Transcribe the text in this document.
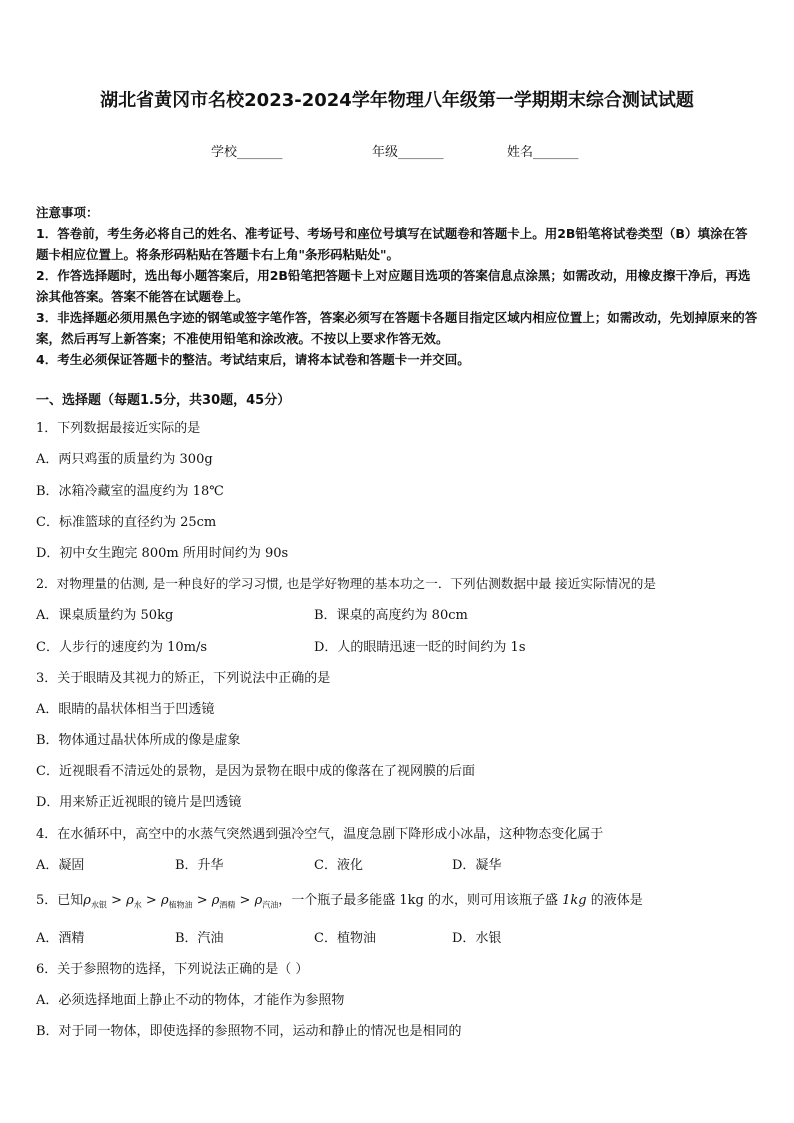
湖北省黄冈市名校2023-2024学年物理八年级第一学期期末综合测试试题
学校_______	年级_______	姓名_______
注意事项：
1．答卷前，考生务必将自己的姓名、准考证号、考场号和座位号填写在试题卷和答题卡上。用2B铅笔将试卷类型（B）填涂在答题卡相应位置上。将条形码粘贴在答题卡右上角"条形码粘贴处"。
2．作答选择题时，选出每小题答案后，用2B铅笔把答题卡上对应题目选项的答案信息点涂黑；如需改动，用橡皮擦干净后，再选涂其他答案。答案不能答在试题卷上。
3．非选择题必须用黑色字迹的钢笔或签字笔作答，答案必须写在答题卡各题目指定区域内相应位置上；如需改动，先划掉原来的答案，然后再写上新答案；不准使用铅笔和涂改液。不按以上要求作答无效。
4．考生必须保证答题卡的整洁。考试结束后，请将本试卷和答题卡一并交回。
一、选择题（每题1.5分，共30题，45分）
1．下列数据最接近实际的是
A．两只鸡蛋的质量约为 300g
B．冰箱冷藏室的温度约为 18℃
C．标准篮球的直径约为 25cm
D．初中女生跑完 800m 所用时间约为 90s
2．对物理量的估测, 是一种良好的学习习惯, 也是学好物理的基本功之一．下列估测数据中最 接近实际情况的是
A．课桌质量约为 50kg	B．课桌的高度约为 80cm
C．人步行的速度约为 10m/s	D．人的眼睛迅速一眨的时间约为 1s
3．关于眼睛及其视力的矫正，下列说法中正确的是
A．眼睛的晶状体相当于凹透镜
B．物体通过晶状体所成的像是虚象
C．近视眼看不清远处的景物，是因为景物在眼中成的像落在了视网膜的后面
D．用来矫正近视眼的镜片是凹透镜
4．在水循环中，高空中的水蒸气突然遇到强冷空气，温度急剧下降形成小冰晶，这种物态变化属于
A．凝固	B．升华	C．液化	D．凝华
5．已知$\rho_{水银} > \rho_水 > \rho_{植物油} > \rho_{酒精} > \rho_{汽油}$，一个瓶子最多能盛 1kg 的水，则可用该瓶子盛 1kg 的液体是
A．酒精	B．汽油	C．植物油	D．水银
6．关于参照物的选择，下列说法正确的是（ ）
A．必须选择地面上静止不动的物体，才能作为参照物
B．对于同一物体，即使选择的参照物不同，运动和静止的情况也是相同的
